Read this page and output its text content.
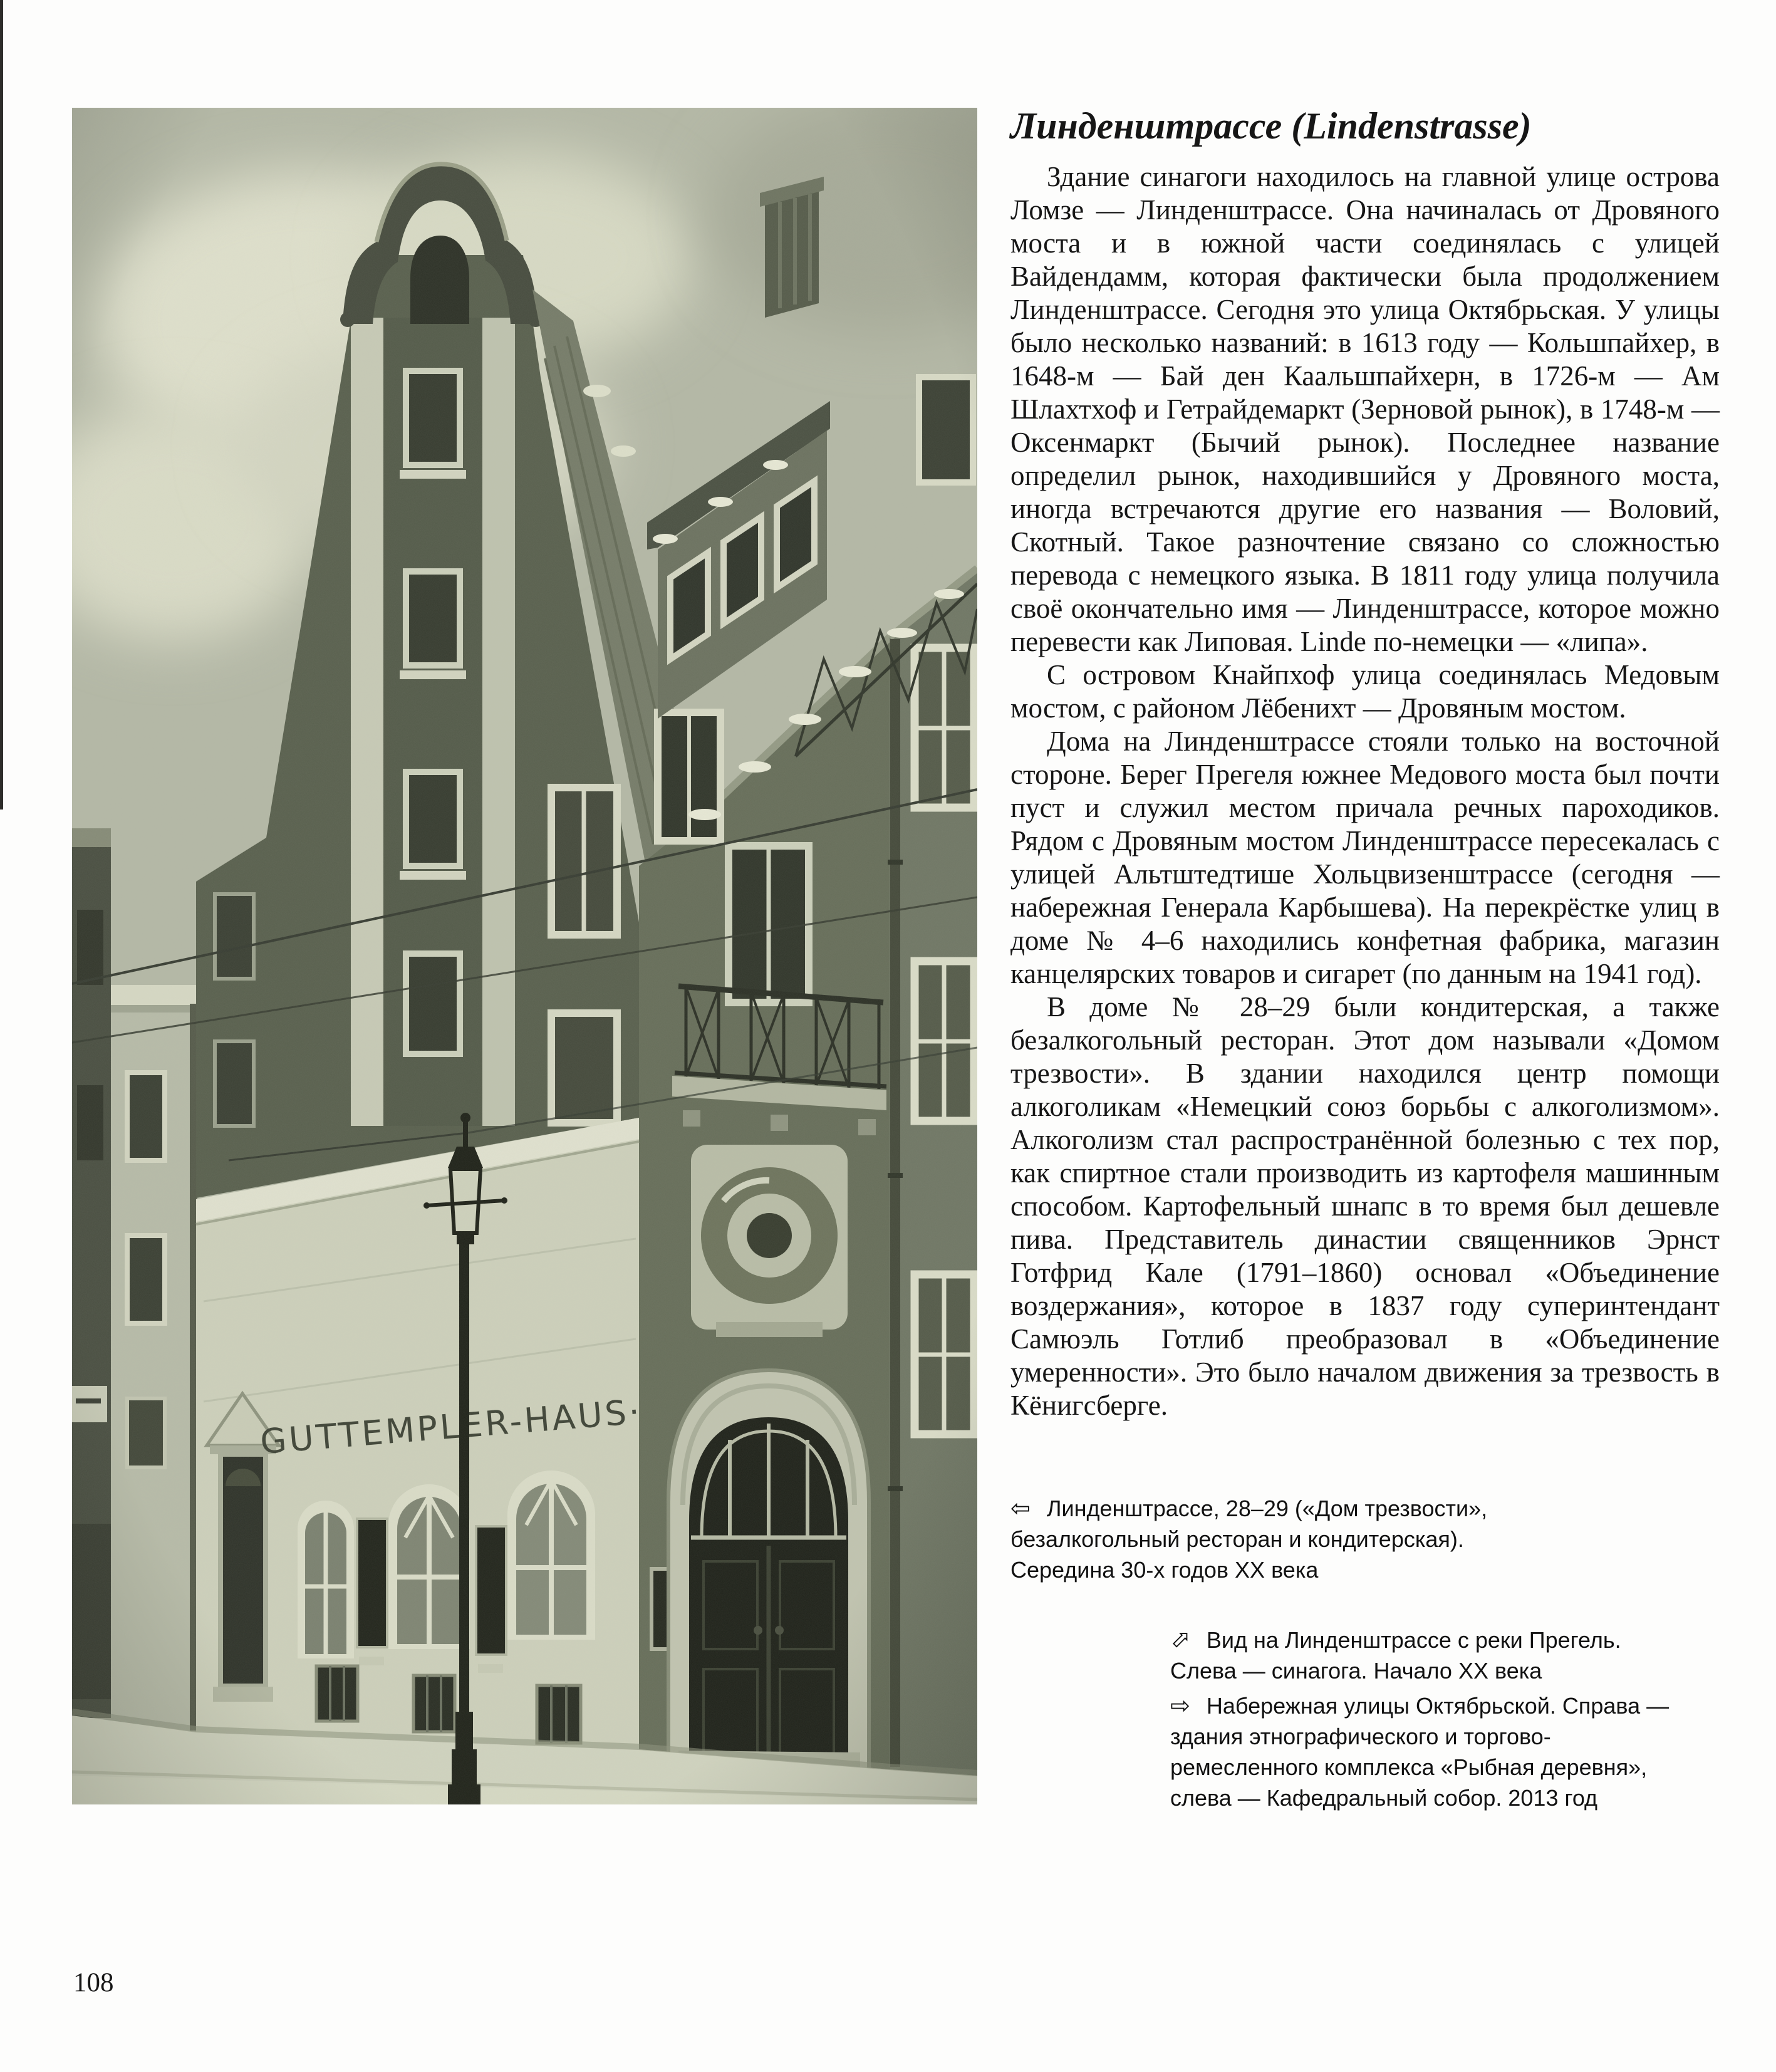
Линденштрассе (Lindenstrasse)

Здание синагоги находилось на главной улице острова Ломзе — Линденштрассе. Она начиналась от Дровяного моста и в южной части соединялась с улицей Вайдендамм, которая фактически была продолжением Линденштрассе. Сегодня это улица Октябрьская. У улицы было несколько названий: в 1613 году — Кольшпайхер, в 1648-м — Бай ден Каальшпайхерн, в 1726-м — Ам Шлахтхоф и Гетрайдемаркт (Зерновой рынок), в 1748-м — Оксенмаркт (Бычий рынок). Последнее название определил рынок, находившийся у Дровяного моста, иногда встречаются другие его названия — Воловий, Скотный. Такое разночтение связано со сложностью перевода с немецкого языка. В 1811 году улица получила своё окончательно имя — Линденштрассе, которое можно перевести как Липовая. Linde по-немецки — «липа».

С островом Кнайпхоф улица соединялась Медовым мостом, с районом Лёбенихт — Дровяным мостом.

Дома на Линденштрассе стояли только на восточной стороне. Берег Прегеля южнее Медового моста был почти пуст и служил местом причала речных пароходиков. Рядом с Дровяным мостом Линденштрассе пересекалась с улицей Альтштедтише Хольцвизенштрассе (сегодня — набережная Генерала Карбышева). На перекрёстке улиц в доме № 4–6 находились конфетная фабрика, магазин канцелярских товаров и сигарет (по данным на 1941 год).

В доме № 28–29 были кондитерская, а также безалкогольный ресторан. Этот дом называли «Домом трезвости». В здании находился центр помощи алкоголикам «Немецкий союз борьбы с алкоголизмом». Алкоголизм стал распространённой болезнью с тех пор, как спиртное стали производить из картофеля машинным способом. Картофельный шнапс в то время был дешевле пива. Представитель династии священников Эрнст Готфрид Кале (1791–1860) основал «Объединение воздержания», которое в 1837 году суперинтендант Самюэль Готлиб преобразовал в «Объединение умеренности». Это было началом движения за трезвость в Кёнигсберге.

⇦ Линденштрассе, 28–29 («Дом трезвости», безалкогольный ресторан и кондитерская). Середина 30-х годов XX века
⇧ Вид на Линденштрассе с реки Прегель. Слева — синагога. Начало XX века
⇨ Набережная улицы Октябрьской. Справа — здания этнографического и торгово-ремесленного комплекса «Рыбная деревня», слева — Кафедральный собор. 2013 год
108
